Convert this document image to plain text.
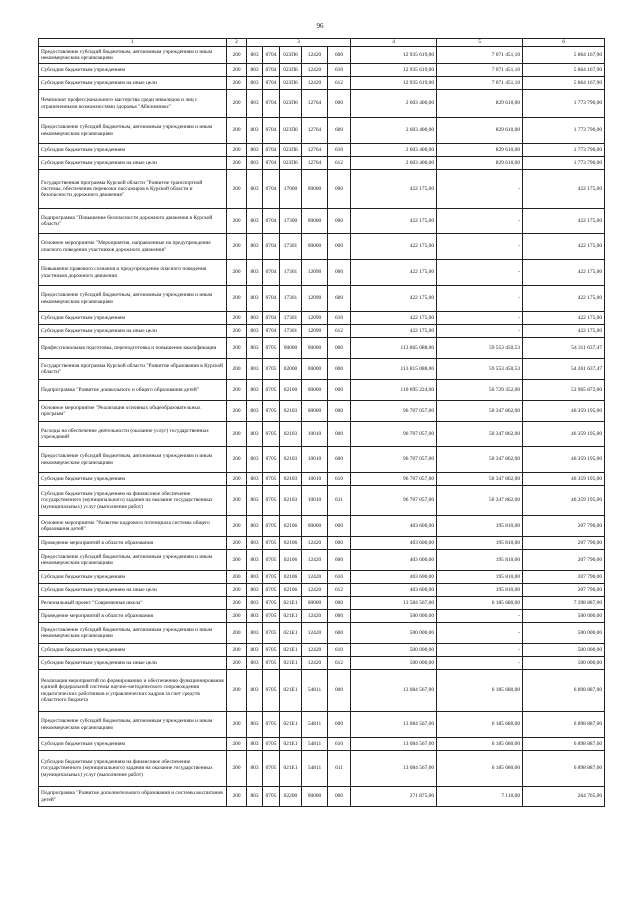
96
1	2	3					4	5	6
Предоставление субсидий бюджетным, автономным учреждениям и иным некоммерческим организациям	200	803	0704	023П6	12420	600	12 935 619,00	7 071 451,10	5 864 167,90
Субсидии бюджетным учреждениям	200	803	0704	023П6	12420	610	12 935 619,00	7 071 451,10	5 864 167,90
Субсидии бюджетным учреждениям на иные цели	200	803	0704	023П6	12420	612	12 935 619,00	7 071 451,10	5 864 167,90
Чемпионат профессионального мастерства среди инвалидов и лиц с ограниченными возможностями здоровья "Абилимпикс"	200	803	0704	023П6	12764	000	2 603 400,00	829 610,00	1 773 790,00
Предоставление субсидий бюджетным, автономным учреждениям и иным некоммерческим организациям	200	803	0704	023П6	12764	600	2 603 400,00	829 610,00	1 773 790,00
Субсидии бюджетным учреждениям	200	803	0704	023П6	12764	610	2 603 400,00	829 610,00	1 773 790,00
Субсидии бюджетным учреждениям на иные цели	200	803	0704	023П6	12764	612	2 603 400,00	829 610,00	1 773 790,00
Государственная программа Курской области "Развитие транспортной системы, обеспечение перевозки пассажиров в Курской области и безопасности дорожного движения"	200	803	0704	17000	00000	000	422 175,00	-	422 175,00
Подпрограмма "Повышение безопасности дорожного движения в Курской области"	200	803	0704	17300	00000	000	422 175,00	-	422 175,00
Основное мероприятие "Мероприятия, направленные на предупреждение опасного поведения участников дорожного движения"	200	803	0704	17301	00000	000	422 175,00	-	422 175,00
Повышение правового сознания и предупреждение опасного поведения участников дорожного движения	200	803	0704	17301	12090	000	422 175,00	-	422 175,00
Предоставление субсидий бюджетным, автономным учреждениям и иным некоммерческим организациям	200	803	0704	17301	12090	600	422 175,00	-	422 175,00
Субсидии бюджетным учреждениям	200	803	0704	17301	12090	610	422 175,00	-	422 175,00
Субсидии бюджетным учреждениям на иные цели	200	803	0704	17301	12090	612	422 175,00	-	422 175,00
Профессиональная подготовка, переподготовка и повышение квалификации	200	803	0705	00000	00000	000	113 865 088,00	59 553 450,53	54 311 637,47
Государственная программа Курской области "Развитие образования в Курской области"	200	803	0705	02000	00000	000	113 815 088,00	59 553 450,53	54 261 637,47
Подпрограмма "Развитие дошкольного и общего образования детей"	200	803	0705	02100	00000	000	110 695 224,00	56 729 352,00	53 965 872,00
Основное мероприятие "Реализация основных общеобразовательных программ"	200	803	0705	02103	00000	000	96 707 057,00	50 347 862,00	46 359 195,00
Расходы на обеспечение деятельности (оказание услуг) государственных учреждений	200	803	0705	02103	10010	000	96 707 057,00	50 347 862,00	46 359 195,00
Предоставление субсидий бюджетным, автономным учреждениям и иным некоммерческим организациям	200	803	0705	02103	10010	600	96 707 057,00	50 347 862,00	46 359 195,00
Субсидии бюджетным учреждениям	200	803	0705	02103	10010	610	96 707 057,00	50 347 862,00	46 359 195,00
Субсидии бюджетным учреждениям на финансовое обеспечение государственного (муниципального) задания на оказание государственных (муниципальных) услуг (выполнение работ)	200	803	0705	02103	10010	611	96 707 057,00	50 347 862,00	46 359 195,00
Основное мероприятие "Развитие кадрового потенциала системы общего образования детей"	200	803	0705	02106	00000	000	403 600,00	195 810,00	207 790,00
Проведение мероприятий в области образования	200	803	0705	02106	12420	000	403 600,00	195 810,00	207 790,00
Предоставление субсидий бюджетным, автономным учреждениям и иным некоммерческим организациям	200	803	0705	02106	12420	600	403 600,00	195 810,00	207 790,00
Субсидии бюджетным учреждениям	200	803	0705	02106	12420	610	403 600,00	195 810,00	207 790,00
Субсидии бюджетным учреждениям на иные цели	200	803	0705	02106	12420	612	403 600,00	195 810,00	207 790,00
Региональный проект "Современная школа"	200	803	0705	021E1	00000	000	13 584 567,00	6 185 680,00	7 398 887,00
Проведение мероприятий в области образования	200	803	0705	021E1	12420	000	500 000,00	-	500 000,00
Предоставление субсидий бюджетным, автономным учреждениям и иным некоммерческим организациям	200	803	0705	021E1	12420	600	500 000,00	-	500 000,00
Субсидии бюджетным учреждениям	200	803	0705	021E1	12420	610	500 000,00	-	500 000,00
Субсидии бюджетным учреждениям на иные цели	200	803	0705	021E1	12420	612	500 000,00	-	500 000,00
Реализация мероприятий по формированию и обеспечению функционирования единой федеральной системы научно-методического сопровождения педагогических работников и управленческих кадров за счет средств областного бюджета	200	803	0705	021E1	54811	000	13 084 567,00	6 185 680,00	6 898 887,00
Предоставление субсидий бюджетным, автономным учреждениям и иным некоммерческим организациям	200	803	0705	021E1	54811	600	13 084 567,00	6 185 680,00	6 898 887,00
Субсидии бюджетным учреждениям	200	803	0705	021E1	54811	610	13 084 567,00	6 185 680,00	6 898 887,00
Субсидии бюджетным учреждениям на финансовое обеспечение государственного (муниципального) задания на оказание государственных (муниципальных) услуг (выполнение работ)	200	803	0705	021E1	54811	611	13 084 567,00	6 185 680,00	6 898 887,00
Подпрограмма "Развитие дополнительного образования и системы воспитания детей"	200	803	0705	02200	00000	000	271 875,00	7 110,00	264 765,00
